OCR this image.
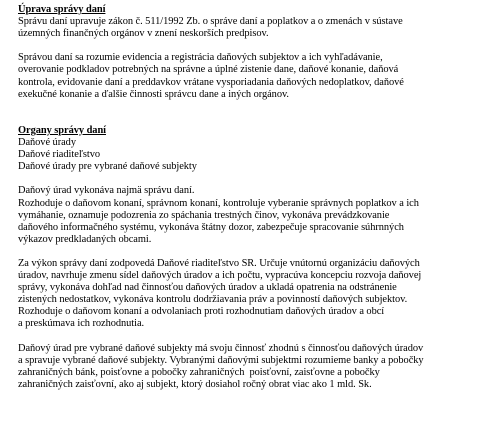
Úprava správy daní
Správu daní upravuje zákon č. 511/1992 Zb. o správe daní a poplatkov a o zmenách v sústave
územných finančných orgánov v znení neskorších predpisov.
Správou daní sa rozumie evidencia a registrácia daňových subjektov a ich vyhľadávanie,
overovanie podkladov potrebných na správne a úplné zistenie dane, daňové konanie, daňová
kontrola, evidovanie daní a preddavkov vrátane vysporiadania daňových nedoplatkov, daňové
exekučné konanie a ďalšie činnosti správcu dane a iných orgánov.
Organy správy daní
Daňové úrady
Daňové riaditeľstvo
Daňové úrady pre vybrané daňové subjekty
Daňový úrad vykonáva najmä správu daní.
Rozhoduje o daňovom konaní, správnom konaní, kontroluje vyberanie správnych poplatkov a ich
vymáhanie, oznamuje podozrenia zo spáchania trestných činov, vykonáva prevádzkovanie
daňového informačného systému, vykonáva štátny dozor, zabezpečuje spracovanie súhrnných
výkazov predkladaných obcami.
Za výkon správy daní zodpovedá Daňové riaditeľstvo SR. Určuje vnútornú organizáciu daňových
úradov, navrhuje zmenu sídel daňových úradov a ich počtu, vypracúva koncepciu rozvoja daňovej
správy, vykonáva dohľad nad činnosťou daňových úradov a ukladá opatrenia na odstránenie
zistených nedostatkov, vykonáva kontrolu dodržiavania práv a povinností daňových subjektov.
Rozhoduje o daňovom konaní a odvolaniach proti rozhodnutiam daňových úradov a obcí
a preskúmava ich rozhodnutia.
Daňový úrad pre vybrané daňové subjekty má svoju činnosť zhodnú s činnosťou daňových úradov
a spravuje vybrané daňové subjekty. Vybranými daňovými subjektmi rozumieme banky a pobočky
zahraničných bánk, poisťovne a pobočky zahraničných  poisťovní, zaisťovne a pobočky
zahraničných zaisťovní, ako aj subjekt, ktorý dosiahol ročný obrat viac ako 1 mld. Sk.
